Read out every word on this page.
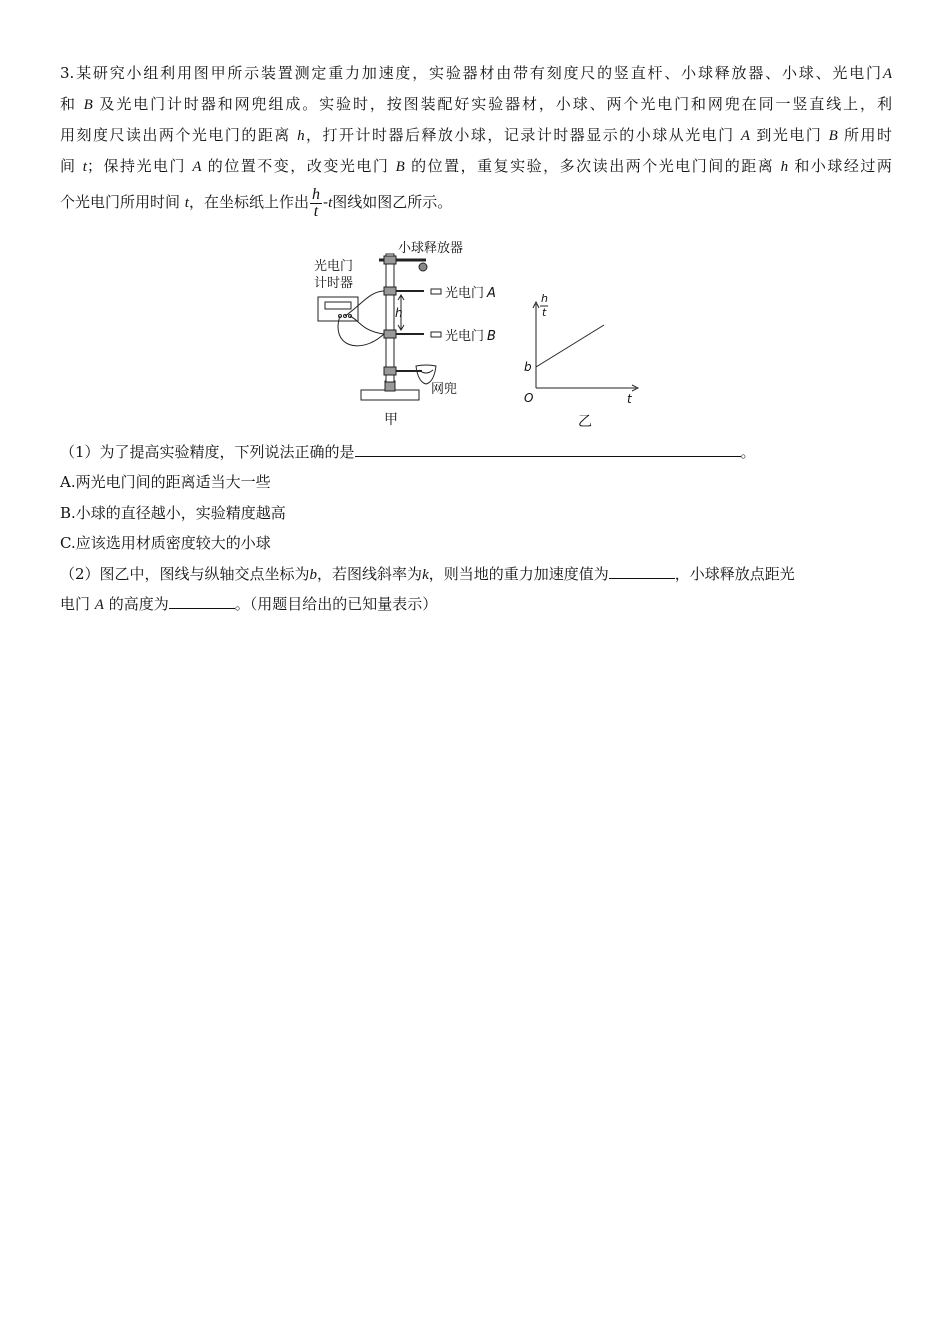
3.某研究小组利用图甲所示装置测定重力加速度，实验器材由带有刻度尺的竖直杆、小球释放器、小球、光电门A
和 B 及光电门计时器和网兜组成。实验时，按图装配好实验器材，小球、两个光电门和网兜在同一竖直线上，利
用刻度尺读出两个光电门的距离 h，打开计时器后释放小球，记录计时器显示的小球从光电门 A 到光电门 B 所用时
间 t；保持光电门 A 的位置不变，改变光电门 B 的位置，重复实验，多次读出两个光电门间的距离 h 和小球经过两
个光电门所用时间 t，在坐标纸上作出 $\frac{h}{t} -t$图线如图乙所示。
小球释放器
光电门
计时器
光电门 A
光电门 B
h
网兜
甲
h
t
b
O	t
乙
（1）为了提高实验精度，下列说法正确的是	。
A.两光电门间的距离适当大一些
B.小球的直径越小，实验精度越高
C.应该选用材质密度较大的小球
（2）图乙中，图线与纵轴交点坐标为b，若图线斜率为k，则当地的重力加速度值为	，小球释放点距光
电门 A 的高度为	。（用题目给出的已知量表示）
